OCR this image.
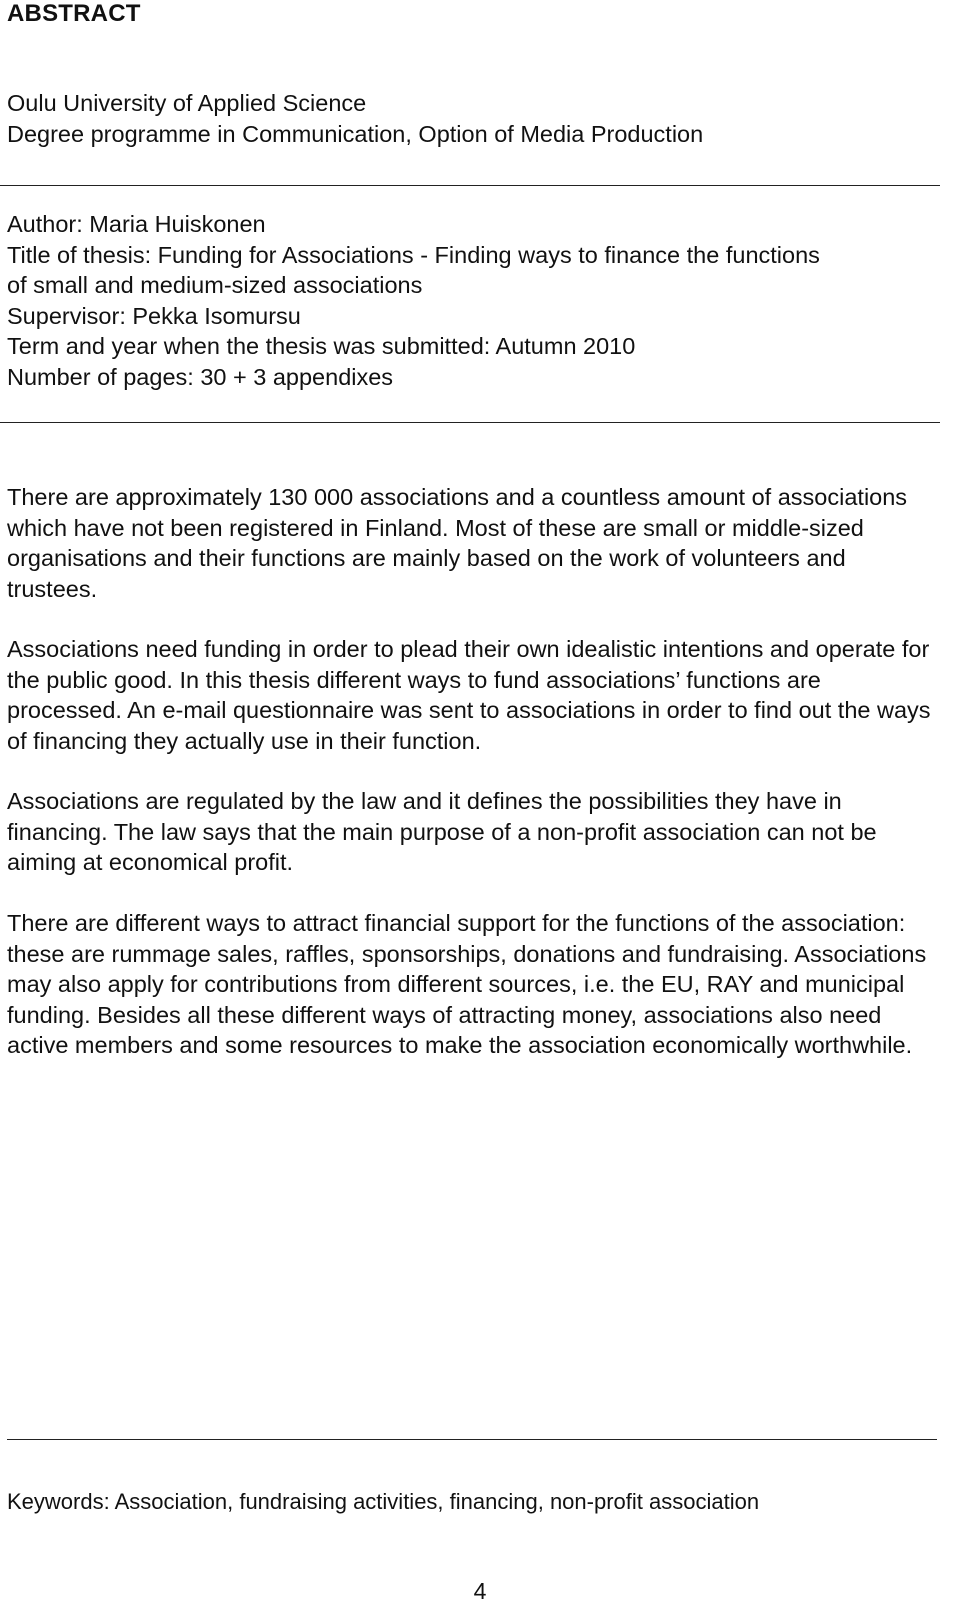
ABSTRACT
Oulu University of Applied Science
Degree programme in Communication, Option of Media Production
Author: Maria Huiskonen
Title of thesis: Funding for Associations - Finding ways to finance the functions
of small and medium-sized associations
Supervisor: Pekka Isomursu
Term and year when the thesis was submitted: Autumn 2010
Number of pages: 30 + 3 appendixes

There are approximately 130 000 associations and a countless amount of associations which have not been registered in Finland. Most of these are small or middle-sized organisations and their functions are mainly based on the work of volunteers and trustees.

Associations need funding in order to plead their own idealistic intentions and operate for the public good. In this thesis different ways to fund associations’ functions are processed. An e-mail questionnaire was sent to associations in order to find out the ways of financing they actually use in their function.

Associations are regulated by the law and it defines the possibilities they have in financing. The law says that the main purpose of a non-profit association can not be aiming at economical profit.

There are different ways to attract financial support for the functions of the association: these are rummage sales, raffles, sponsorships, donations and fundraising. Associations may also apply for contributions from different sources, i.e. the EU, RAY and municipal funding. Besides all these different ways of attracting money, associations also need active members and some resources to make the association economically worthwhile.

Keywords: Association, fundraising activities, financing, non-profit association
4
